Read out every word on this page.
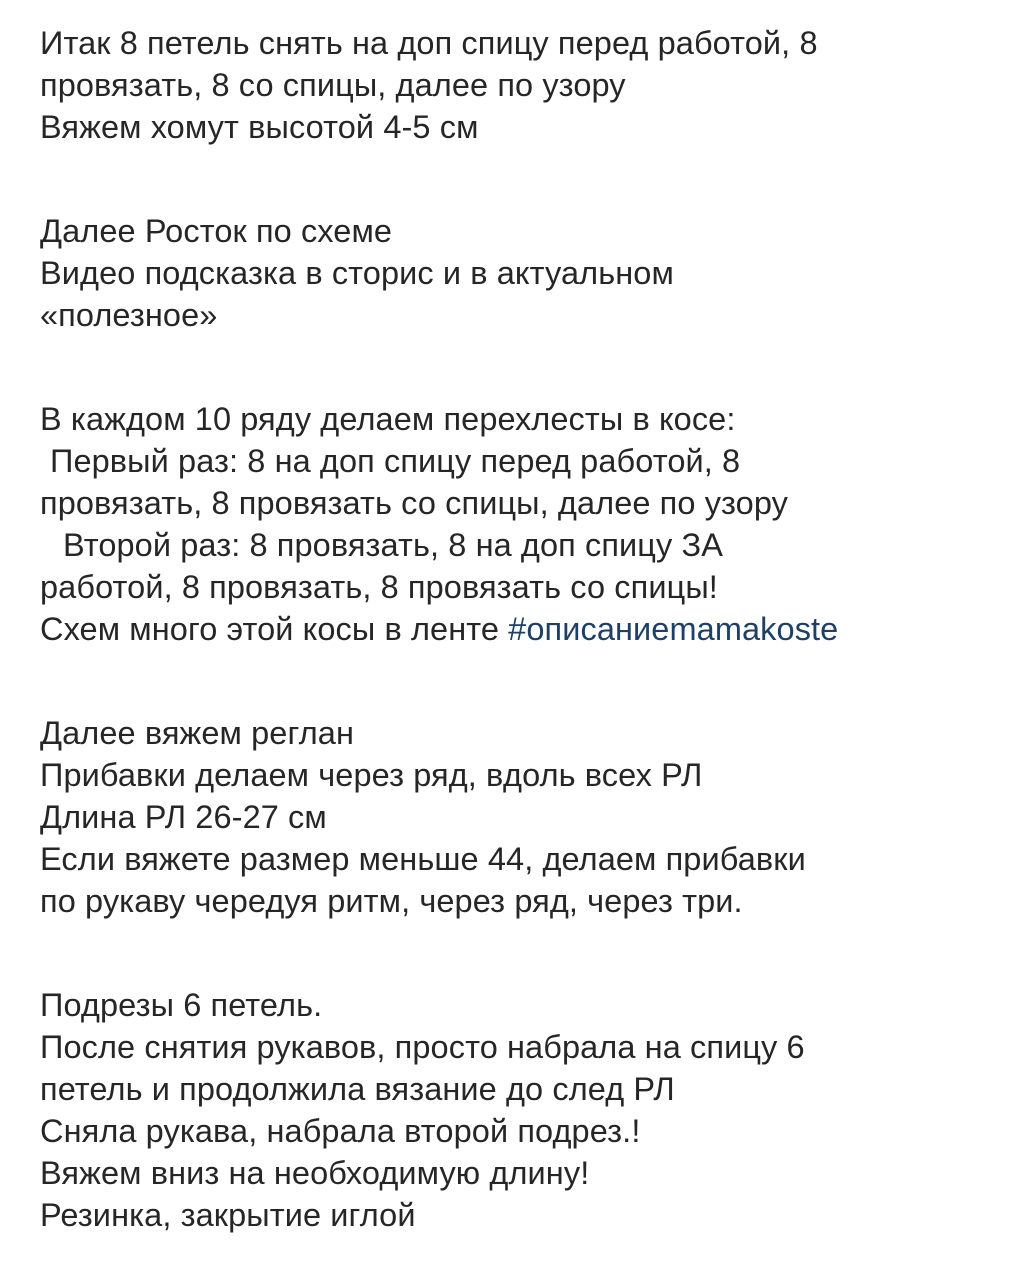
Итак 8 петель снять на доп спицу перед работой, 8
провязать, 8 со спицы, далее по узору
Вяжем хомут высотой 4-5 см
Далее Росток по схеме
Видео подсказка в сторис и в актуальном
«полезное»
В каждом 10 ряду делаем перехлесты в косе:
Первый раз: 8 на доп спицу перед работой, 8
провязать, 8 провязать со спицы, далее по узору
Второй раз: 8 провязать, 8 на доп спицу ЗА
работой, 8 провязать, 8 провязать со спицы!
Схем много этой косы в ленте #описаниеmamakoste
Далее вяжем реглан
Прибавки делаем через ряд, вдоль всех РЛ
Длина РЛ 26-27 см
Если вяжете размер меньше 44, делаем прибавки
по рукаву чередуя ритм, через ряд, через три.
Подрезы 6 петель.
После снятия рукавов, просто набрала на спицу 6
петель и продолжила вязание до след РЛ
Сняла рукава, набрала второй подрез.!
Вяжем вниз на необходимую длину!
Резинка, закрытие иглой
